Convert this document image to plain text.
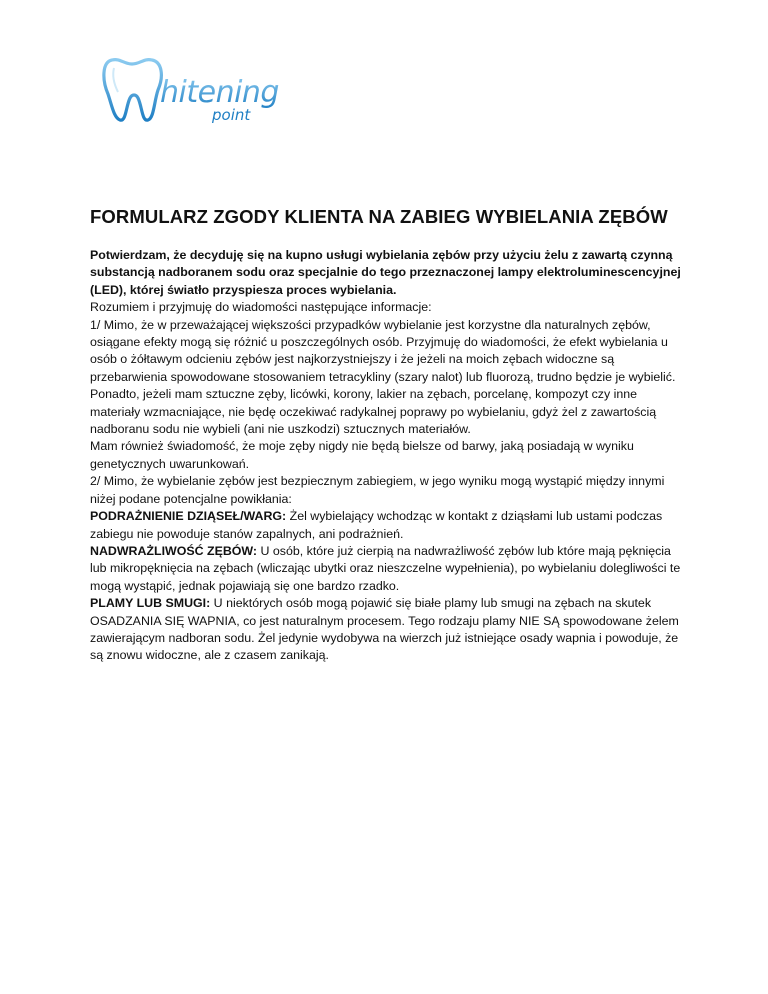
hitening
point
FORMULARZ ZGODY KLIENTA NA ZABIEG WYBIELANIA ZĘBÓW

Potwierdzam, że decyduję się na kupno usługi wybielania zębów przy użyciu żelu z zawartą czynną substancją nadboranem sodu oraz specjalnie do tego przeznaczonej lampy elektroluminescencyjnej (LED), której światło przyspiesza proces wybielania.

Rozumiem i przyjmuję do wiadomości następujące informacje:

1/ Mimo, że w przeważającej większości przypadków wybielanie jest korzystne dla naturalnych zębów, osiągane efekty mogą się różnić u poszczególnych osób. Przyjmuję do wiadomości, że efekt wybielania u osób o żółtawym odcieniu zębów jest najkorzystniejszy i że jeżeli na moich zębach widoczne są przebarwienia spowodowane stosowaniem tetracykliny (szary nalot) lub fluorozą, trudno będzie je wybielić. Ponadto, jeżeli mam sztuczne zęby, licówki, korony, lakier na zębach, porcelanę, kompozyt czy inne materiały wzmacniające, nie będę oczekiwać radykalnej poprawy po wybielaniu, gdyż żel z zawartością nadboranu sodu nie wybieli (ani nie uszkodzi) sztucznych materiałów.

Mam również świadomość, że moje zęby nigdy nie będą bielsze od barwy, jaką posiadają w wyniku genetycznych uwarunkowań.

2/ Mimo, że wybielanie zębów jest bezpiecznym zabiegiem, w jego wyniku mogą wystąpić między innymi niżej podane potencjalne powikłania:

PODRAŻNIENIE DZIĄSEŁ/WARG: Żel wybielający wchodząc w kontakt z dziąsłami lub ustami podczas zabiegu nie powoduje stanów zapalnych, ani podrażnień.

NADWRAŻLIWOŚĆ ZĘBÓW: U osób, które już cierpią na nadwrażliwość zębów lub które mają pęknięcia lub mikropęknięcia na zębach (wliczając ubytki oraz nieszczelne wypełnienia), po wybielaniu dolegliwości te mogą wystąpić, jednak pojawiają się one bardzo rzadko.

PLAMY LUB SMUGI: U niektórych osób mogą pojawić się białe plamy lub smugi na zębach na skutek OSADZANIA SIĘ WAPNIA, co jest naturalnym procesem. Tego rodzaju plamy NIE SĄ spowodowane żelem zawierającym nadboran sodu. Żel jedynie wydobywa na wierzch już istniejące osady wapnia i powoduje, że są znowu widoczne, ale z czasem zanikają.
